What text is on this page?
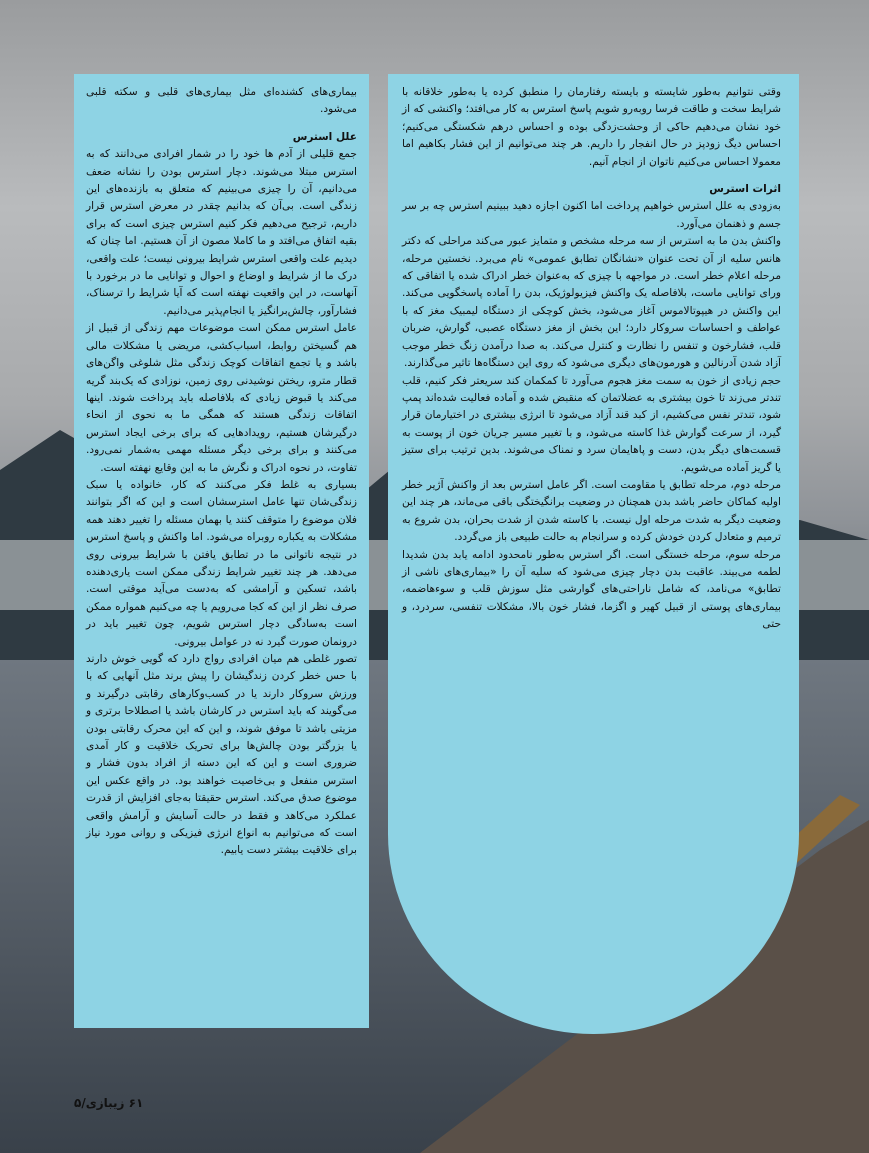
وقتی نتوانیم به‌طور شایسته و بایسته رفتارمان را منطبق کرده یا به‌طور خلاقانه با شرایط سخت و طاقت فرسا روبه‌رو شویم پاسخ استرس به کار می‌افتد؛ واکنشی که از خود نشان می‌دهیم حاکی از وحشت‌زدگی بوده و احساس درهم شکستگی می‌کنیم؛ احساس دیگ زودپز در حال انفجار را داریم. هر چند می‌توانیم از این فشار بکاهیم اما معمولا احساس می‌کنیم ناتوان از انجام آنیم.

اثرات استرس

به‌زودی به علل استرس خواهیم پرداخت اما اکنون اجازه دهید ببینیم استرس چه بر سر جسم و ذهنمان می‌آورد.

واکنش بدن ما به استرس از سه مرحله مشخص و متمایز عبور می‌کند مراحلی که دکتر هانس سلیه از آن تحت عنوان «نشانگان تطابق عمومی» نام می‌برد. نخستین مرحله، مرحله اعلام خطر است. در مواجهه با چیزی که به‌عنوان خطر ادراک شده یا اتفاقی که ورای توانایی ماست، بلافاصله یک واکنش فیزیولوژیک، بدن را آماده پاسخگویی می‌کند. این واکنش در هیپوتالاموس آغاز می‌شود، بخش کوچکی از دستگاه لیمبیک مغز که با عواطف و احساسات سروکار دارد؛ این بخش از مغز دستگاه عصبی، گوارش، ضربان قلب، فشارخون و تنفس را نظارت و کنترل می‌کند. به صدا درآمدن زنگ خطر موجب آزاد شدن آدرنالین و هورمون‌های دیگری می‌شود که روی این دستگاه‌ها تاثیر می‌گذارند.

حجم زیادی از خون به سمت مغز هجوم می‌آورد تا کمکمان کند سریعتر فکر کنیم، قلب تندتر می‌زند تا خون بیشتری به عضلاتمان که منقبض شده و آماده فعالیت شده‌اند پمپ شود، تندتر نفس می‌کشیم، از کبد قند آزاد می‌شود تا انرژی بیشتری در اختیارمان قرار گیرد، از سرعت گوارش غذا کاسته می‌شود، و با تغییر مسیر جریان خون از پوست به قسمت‌های دیگر بدن، دست و پاهایمان سرد و نمناک می‌شوند. بدین ترتیب برای ستیز یا گریز آماده می‌شویم.

مرحله دوم، مرحله تطابق یا مقاومت است. اگر عامل استرس بعد از واکنش آژیر خطر اولیه کماکان حاضر باشد بدن همچنان در وضعیت برانگیختگی باقی می‌ماند، هر چند این وضعیت دیگر به شدت مرحله اول نیست. با کاسته شدن از شدت بحران، بدن شروع به ترمیم و متعادل کردن خودش کرده و سرانجام به حالت طبیعی باز می‌گردد.

مرحله سوم، مرحله خستگی است. اگر استرس به‌طور نامحدود ادامه یابد بدن شدیدا لطمه می‌بیند. عاقبت بدن دچار چیزی می‌شود که سلیه آن را «بیماری‌های ناشی از تطابق» می‌نامد، که شامل ناراحتی‌های گوارشی مثل سوزش قلب و سوءهاضمه، بیماری‌های پوستی از قبیل کهیر و اگزما، فشار خون بالا، مشکلات تنفسی، سردرد، و حتی

بیماری‌های کشنده‌ای مثل بیماری‌های قلبی و سکته قلبی می‌شود.

علل استرس

جمع قلیلی از آدم ها خود را در شمار افرادی می‌دانند که به استرس مبتلا می‌شوند. دچار استرس بودن را نشانه ضعف می‌دانیم، آن را چیزی می‌بینیم که متعلق به بازنده‌های این زندگی است. بی‌آن که بدانیم چقدر در معرض استرس قرار داریم، ترجیح می‌دهیم فکر کنیم استرس چیزی است که برای بقیه اتفاق می‌افتد و ما کاملا مصون از آن هستیم. اما چنان که دیدیم علت واقعی استرس شرایط بیرونی نیست؛ علت واقعی، درک ما از شرایط و اوضاع و احوال و توانایی ما در برخورد با آنهاست، در این واقعیت نهفته است که آیا شرایط را ترسناک، فشارآور، چالش‌برانگیز یا انجام‌پذیر می‌دانیم.

عامل استرس ممکن است موضوعات مهم زندگی از قبیل از هم گسیختن روابط، اسباب‌کشی، مریضی یا مشکلات مالی باشد و یا تجمع اتفاقات کوچک زندگی مثل شلوغی واگن‌های قطار مترو، ریختن نوشیدنی روی زمین، نوزادی که یک‌بند گریه می‌کند یا قبوض زیادی که بلافاصله باید پرداخت شوند. اینها اتفاقات زندگی هستند که همگی ما به نحوی از انحاء درگیرشان هستیم، رویدادهایی که برای برخی ایجاد استرس می‌کنند و برای برخی دیگر مسئله مهمی به‌شمار نمی‌رود. تفاوت، در نحوه ادراک و نگرش ما به این وقایع نهفته است.

بسیاری به غلط فکر می‌کنند که کار، خانواده یا سبک زندگی‌شان تنها عامل استرسشان است و این که اگر بتوانند فلان موضوع را متوقف کنند یا بهمان مسئله را تغییر دهند همه مشکلات به یکباره روبراه می‌شود. اما واکنش و پاسخ استرس در نتیجه ناتوانی ما در تطابق یافتن با شرایط بیرونی روی می‌دهد. هر چند تغییر شرایط زندگی ممکن است یاری‌دهنده باشد، تسکین و آرامشی که به‌دست می‌آید موقتی است. صرف نظر از این که کجا می‌رویم یا چه می‌کنیم همواره ممکن است به‌سادگی دچار استرس شویم، چون تغییر باید در درونمان صورت گیرد نه در عوامل بیرونی.

تصور غلطی هم میان افرادی رواج دارد که گویی خوش دارند با حس خطر کردن زندگیشان را پیش برند مثل آنهایی که با ورزش سروکار دارند یا در کسب‌وکارهای رقابتی درگیرند و می‌گویند که باید استرس در کارشان باشد یا اصطلاحا برتری و مزیتی باشد تا موفق شوند، و این که این محرک رقابتی بودن یا بزرگتر بودن چالش‌ها برای تحریک خلاقیت و کار آمدی ضروری است و این که این دسته از افراد بدون فشار و استرس منفعل و بی‌خاصیت خواهند بود. در واقع عکس این موضوع صدق می‌کند. استرس حقیقتا به‌جای افزایش از قدرت عملکرد می‌کاهد و فقط در حالت آسایش و آرامش واقعی است که می‌توانیم به انواع انرژی فیزیکی و روانی مورد نیاز برای خلاقیت بیشتر دست یابیم.

۶۱ زیبازی/۵
